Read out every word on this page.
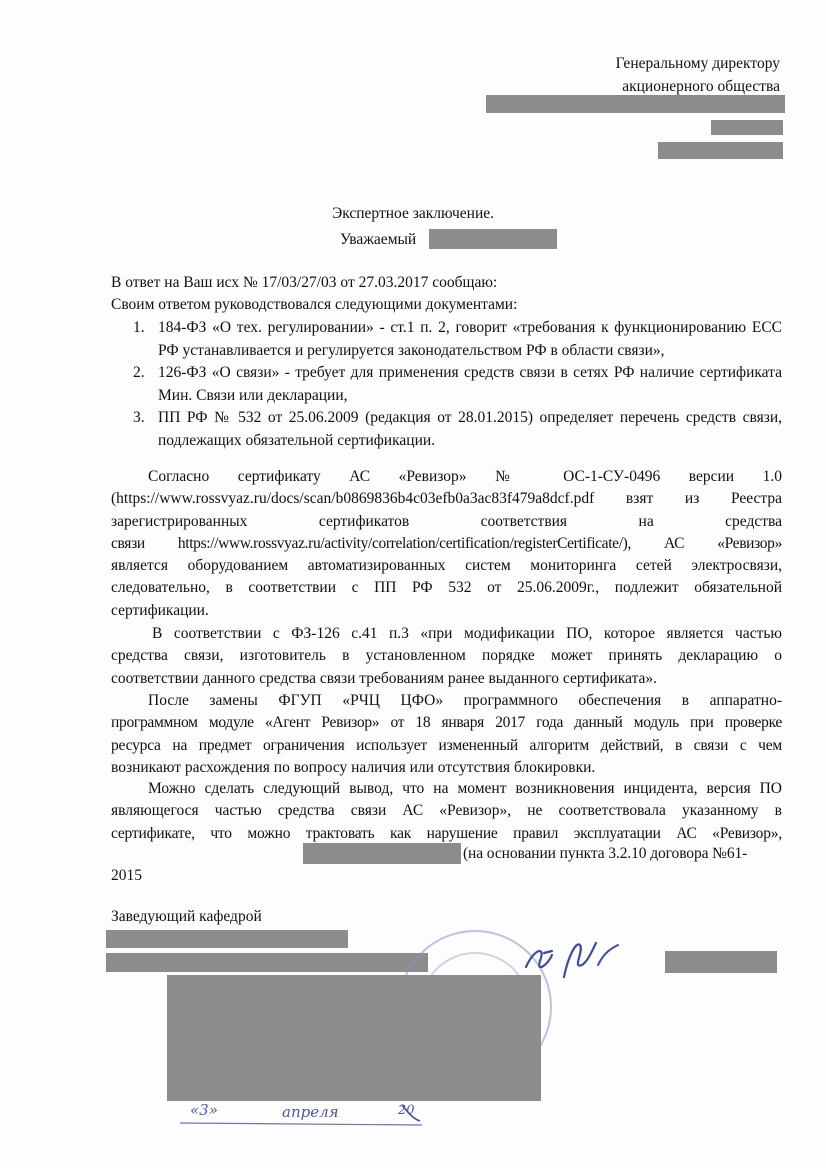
Генеральному директору
акционерного общества
Экспертное заключение.
Уважаемый
В ответ на Ваш исх № 17/03/27/03 от 27.03.2017 сообщаю:
Своим ответом руководствовался следующими документами:
1. 184-ФЗ «О тех. регулировании» - ст.1 п. 2, говорит «требования к функционированию ЕСС РФ устанавливается и регулируется законодательством РФ в области связи»,
2. 126-ФЗ «О связи» - требует для применения средств связи в сетях РФ наличие сертификата Мин. Связи или декларации,
3. ПП РФ № 532 от 25.06.2009 (редакция от 28.01.2015) определяет перечень средств связи, подлежащих обязательной сертификации.
Согласно сертификату АС «Ревизор» № ОС-1-СУ-0496 версии 1.0
(https://www.rossvyaz.ru/docs/scan/b0869836b4c03efb0a3ac83f479a8dcf.pdf взят из Реестра
зарегистрированных сертификатов соответствия на средства
связи https://www.rossvyaz.ru/activity/correlation/certification/registerCertificate/), АС «Ревизор»
является оборудованием автоматизированных систем мониторинга сетей электросвязи,
следовательно, в соответствии с ПП РФ 532 от 25.06.2009г., подлежит обязательной
сертификации.
В соответствии с ФЗ-126 с.41 п.3 «при модификации ПО, которое является частью
средства связи, изготовитель в установленном порядке может принять декларацию о
соответствии данного средства связи требованиям ранее выданного сертификата».
После замены ФГУП «РЧЦ ЦФО» программного обеспечения в аппаратно-
программном модуле «Агент Ревизор» от 18 января 2017 года данный модуль при проверке
ресурса на предмет ограничения использует измененный алгоритм действий, в связи с чем
возникают расхождения по вопросу наличия или отсутствия блокировки.
Можно сделать следующий вывод, что на момент возникновения инцидента, версия ПО
являющегося частью средства связи АС «Ревизор», не соответствовала указанному в
сертификате, что можно трактовать как нарушение правил эксплуатации АС «Ревизор»,
(на основании пункта 3.2.10 договора №61-
2015
Заведующий кафедрой
«3»	апреля	20
